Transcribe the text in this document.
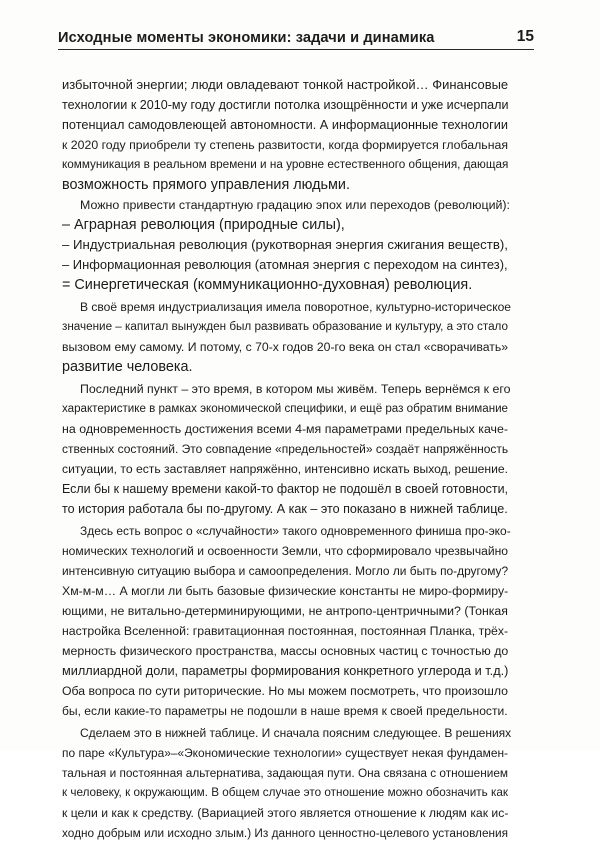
Исходные моменты экономики: задачи и динамика	15
избыточной энергии; люди овладевают тонкой настройкой… Финансовые
технологии к 2010-му году достигли потолка изощрённости и уже исчерпали
потенциал самодовлеющей автономности. А информационные технологии
к 2020 году приобрели ту степень развитости, когда формируется глобальная
коммуникация в реальном времени и на уровне естественного общения, дающая
возможность прямого управления людьми.
Можно привести стандартную градацию эпох или переходов (революций):
– Аграрная революция (природные силы),
– Индустриальная революция (рукотворная энергия сжигания веществ),
– Информационная революция (атомная энергия с переходом на синтез),
= Синергетическая (коммуникационно-духовная) революция.
В своё время индустриализация имела поворотное, культурно-историческое
значение – капитал вынужден был развивать образование и культуру, а это стало
вызовом ему самому. И потому, с 70-х годов 20-го века он стал «сворачивать»
развитие человека.
Последний пункт – это время, в котором мы живём. Теперь вернёмся к его
характеристике в рамках экономической специфики, и ещё раз обратим внимание
на одновременность достижения всеми 4-мя параметрами предельных каче-
ственных состояний. Это совпадение «предельностей» создаёт напряжённость
ситуации, то есть заставляет напряжённо, интенсивно искать выход, решение.
Если бы к нашему времени какой-то фактор не подошёл в своей готовности,
то история работала бы по-другому. А как – это показано в нижней таблице.
Здесь есть вопрос о «случайности» такого одновременного финиша про-эко-
номических технологий и освоенности Земли, что сформировало чрезвычайно
интенсивную ситуацию выбора и самоопределения. Могло ли быть по-другому?
Хм-м-м… А могли ли быть базовые физические константы не миро-формиру-
ющими, не витально-детерминирующими, не антропо-центричными? (Тонкая
настройка Вселенной: гравитационная постоянная, постоянная Планка, трёх-
мерность физического пространства, массы основных частиц с точностью до
миллиардной доли, параметры формирования конкретного углерода и т.д.)
Оба вопроса по сути риторические. Но мы можем посмотреть, что произошло
бы, если какие-то параметры не подошли в наше время к своей предельности.
Сделаем это в нижней таблице. И сначала поясним следующее. В решениях
по паре «Культура»–«Экономические технологии» существует некая фундамен-
тальная и постоянная альтернатива, задающая пути. Она связана с отношением
к человеку, к окружающим. В общем случае это отношение можно обозначить как
к цели и как к средству. (Вариацией этого является отношение к людям как ис-
ходно добрым или исходно злым.) Из данного ценностно-целевого установления
